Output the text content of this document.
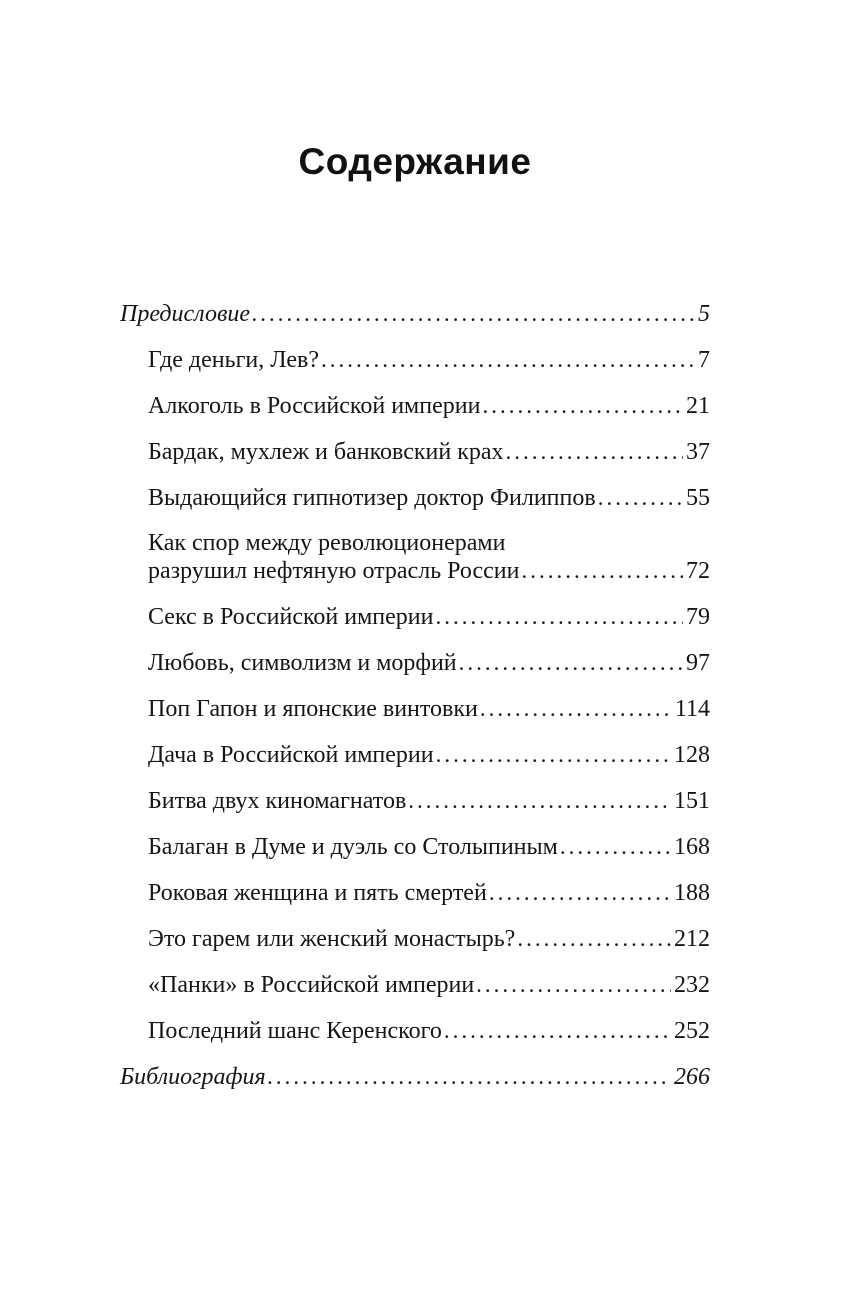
Содержание
Предисловие .....	5
Где деньги, Лев? .....	7
Алкоголь в Российской империи .....	21
Бардак, мухлеж и банковский крах .....	37
Выдающийся гипнотизер доктор Филиппов .....	55
Как спор между революционерами
разрушил нефтяную отрасль России .....	72
Секс в Российской империи .....	79
Любовь, символизм и морфий .....	97
Поп Гапон и японские винтовки .....	114
Дача в Российской империи .....	128
Битва двух киномагнатов .....	151
Балаган в Думе и дуэль со Столыпиным .....	168
Роковая женщина и пять смертей .....	188
Это гарем или женский монастырь? .....	212
«Панки» в Российской империи .....	232
Последний шанс Керенского .....	252
Библиография .....	266
